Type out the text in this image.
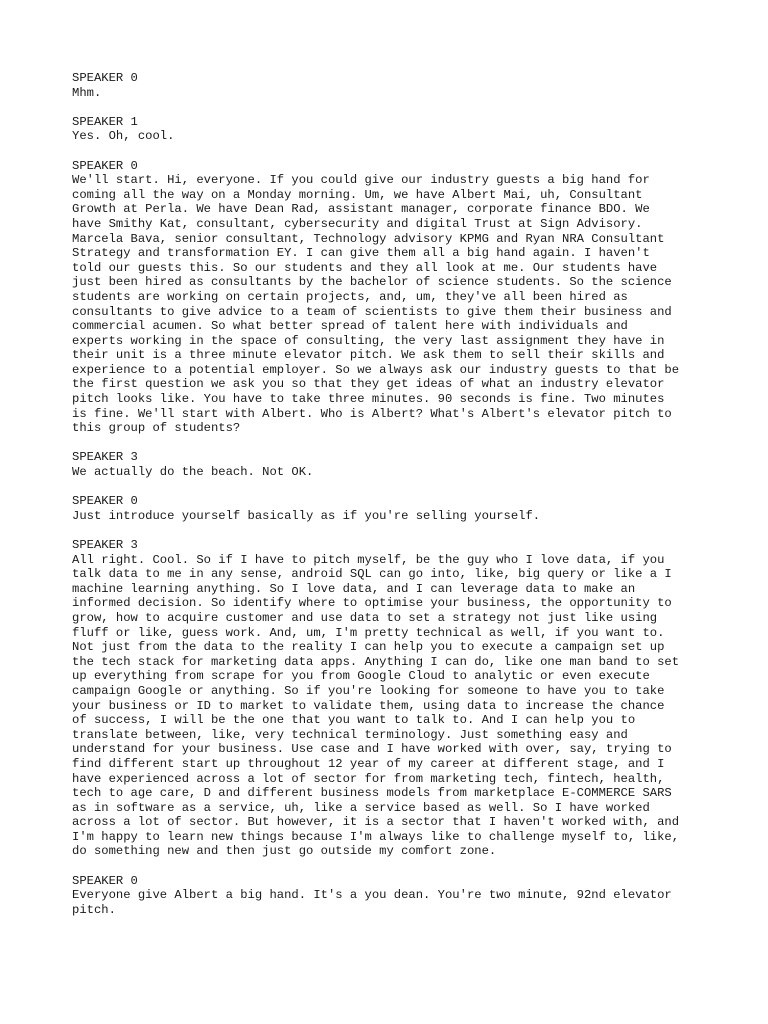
SPEAKER 0
Mhm.
SPEAKER 1
Yes. Oh, cool.
SPEAKER 0
We'll start. Hi, everyone. If you could give our industry guests a big hand for
coming all the way on a Monday morning. Um, we have Albert Mai, uh, Consultant
Growth at Perla. We have Dean Rad, assistant manager, corporate finance BDO. We
have Smithy Kat, consultant, cybersecurity and digital Trust at Sign Advisory.
Marcela Bava, senior consultant, Technology advisory KPMG and Ryan NRA Consultant
Strategy and transformation EY. I can give them all a big hand again. I haven't
told our guests this. So our students and they all look at me. Our students have
just been hired as consultants by the bachelor of science students. So the science
students are working on certain projects, and, um, they've all been hired as
consultants to give advice to a team of scientists to give them their business and
commercial acumen. So what better spread of talent here with individuals and
experts working in the space of consulting, the very last assignment they have in
their unit is a three minute elevator pitch. We ask them to sell their skills and
experience to a potential employer. So we always ask our industry guests to that be
the first question we ask you so that they get ideas of what an industry elevator
pitch looks like. You have to take three minutes. 90 seconds is fine. Two minutes
is fine. We'll start with Albert. Who is Albert? What's Albert's elevator pitch to
this group of students?
SPEAKER 3
We actually do the beach. Not OK.
SPEAKER 0
Just introduce yourself basically as if you're selling yourself.
SPEAKER 3
All right. Cool. So if I have to pitch myself, be the guy who I love data, if you
talk data to me in any sense, android SQL can go into, like, big query or like a I
machine learning anything. So I love data, and I can leverage data to make an
informed decision. So identify where to optimise your business, the opportunity to
grow, how to acquire customer and use data to set a strategy not just like using
fluff or like, guess work. And, um, I'm pretty technical as well, if you want to.
Not just from the data to the reality I can help you to execute a campaign set up
the tech stack for marketing data apps. Anything I can do, like one man band to set
up everything from scrape for you from Google Cloud to analytic or even execute
campaign Google or anything. So if you're looking for someone to have you to take
your business or ID to market to validate them, using data to increase the chance
of success, I will be the one that you want to talk to. And I can help you to
translate between, like, very technical terminology. Just something easy and
understand for your business. Use case and I have worked with over, say, trying to
find different start up throughout 12 year of my career at different stage, and I
have experienced across a lot of sector for from marketing tech, fintech, health,
tech to age care, D and different business models from marketplace E-COMMERCE SARS
as in software as a service, uh, like a service based as well. So I have worked
across a lot of sector. But however, it is a sector that I haven't worked with, and
I'm happy to learn new things because I'm always like to challenge myself to, like,
do something new and then just go outside my comfort zone.
SPEAKER 0
Everyone give Albert a big hand. It's a you dean. You're two minute, 92nd elevator
pitch.
